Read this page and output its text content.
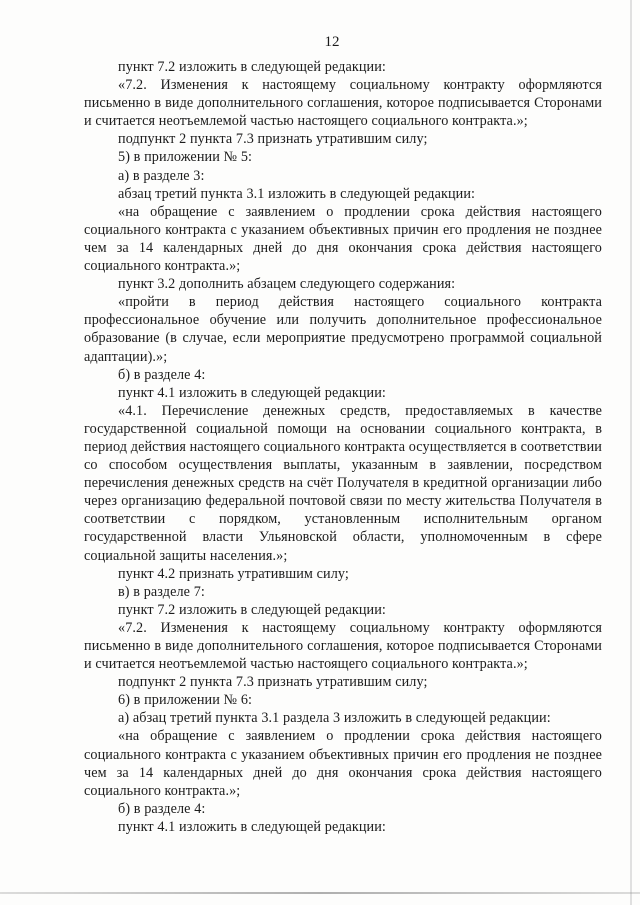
12

пункт 7.2 изложить в следующей редакции:

«7.2. Изменения к настоящему социальному контракту оформляются письменно в виде дополнительного соглашения, которое подписывается Сторонами и считается неотъемлемой частью настоящего социального контракта.»;

подпункт 2 пункта 7.3 признать утратившим силу;

5) в приложении № 5:

а) в разделе 3:

абзац третий пункта 3.1 изложить в следующей редакции:

«на обращение с заявлением о продлении срока действия настоящего социального контракта с указанием объективных причин его продления не позднее чем за 14 календарных дней до дня окончания срока действия настоящего социального контракта.»;

пункт 3.2 дополнить абзацем следующего содержания:

«пройти в период действия настоящего социального контракта профессиональное обучение или получить дополнительное профессиональное образование (в случае, если мероприятие предусмотрено программой социальной адаптации).»;

б) в разделе 4:

пункт 4.1 изложить в следующей редакции:

«4.1. Перечисление денежных средств, предоставляемых в качестве государственной социальной помощи на основании социального контракта, в период действия настоящего социального контракта осуществляется в соответствии со способом осуществления выплаты, указанным в заявлении, посредством перечисления денежных средств на счёт Получателя в кредитной организации либо через организацию федеральной почтовой связи по месту жительства Получателя в соответствии с порядком, установленным исполнительным органом государственной власти Ульяновской области, уполномоченным в сфере социальной защиты населения.»;

пункт 4.2 признать утратившим силу;

в) в разделе 7:

пункт 7.2 изложить в следующей редакции:

«7.2. Изменения к настоящему социальному контракту оформляются письменно в виде дополнительного соглашения, которое подписывается Сторонами и считается неотъемлемой частью настоящего социального контракта.»;

подпункт 2 пункта 7.3 признать утратившим силу;

6) в приложении № 6:

а) абзац третий пункта 3.1 раздела 3 изложить в следующей редакции:

«на обращение с заявлением о продлении срока действия настоящего социального контракта с указанием объективных причин его продления не позднее чем за 14 календарных дней до дня окончания срока действия настоящего социального контракта.»;

б) в разделе 4:

пункт 4.1 изложить в следующей редакции:
